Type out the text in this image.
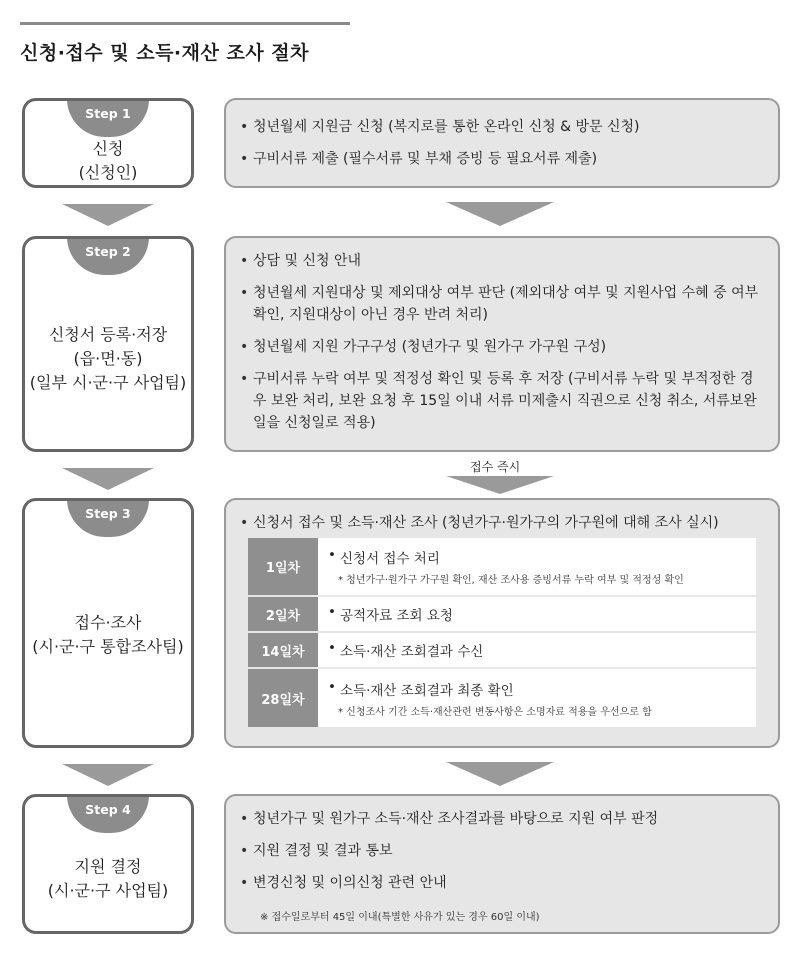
신청·접수 및 소득·재산 조사 절차
Step 1
신청
(신청인)
• 청년월세 지원금 신청 (복지로를 통한 온라인 신청 & 방문 신청)
• 구비서류 제출 (필수서류 및 부채 증빙 등 필요서류 제출)
Step 2
신청서 등록·저장
(읍·면·동)
(일부 시·군·구 사업팀)
• 상담 및 신청 안내
• 청년월세 지원대상 및 제외대상 여부 판단 (제외대상 여부 및 지원사업 수혜 중 여부 확인, 지원대상이 아닌 경우 반려 처리)
• 청년월세 지원 가구구성 (청년가구 및 원가구 가구원 구성)
• 구비서류 누락 여부 및 적정성 확인 및 등록 후 저장 (구비서류 누락 및 부적정한 경우 보완 처리, 보완 요청 후 15일 이내 서류 미제출시 직권으로 신청 취소, 서류보완일을 신청일로 적용)
접수 즉시
Step 3
접수·조사
(시·군·구 통합조사팀)
• 신청서 접수 및 소득·재산 조사 (청년가구·원가구의 가구원에 대해 조사 실시)
1일차	• 신청서 접수 처리
* 청년가구·원가구 가구원 확인, 재산 조사용 증빙서류 누락 여부 및 적정성 확인

2일차	• 공적자료 조회 요청

14일차	• 소득·재산 조회결과 수신

28일차	• 소득·재산 조회결과 최종 확인
* 신청조사 기간 소득·재산관련 변동사항은 소명자료 적용을 우선으로 함
Step 4
지원 결정
(시·군·구 사업팀)
• 청년가구 및 원가구 소득·재산 조사결과를 바탕으로 지원 여부 판정
• 지원 결정 및 결과 통보
• 변경신청 및 이의신청 관련 안내
※ 접수일로부터 45일 이내(특별한 사유가 있는 경우 60일 이내)
